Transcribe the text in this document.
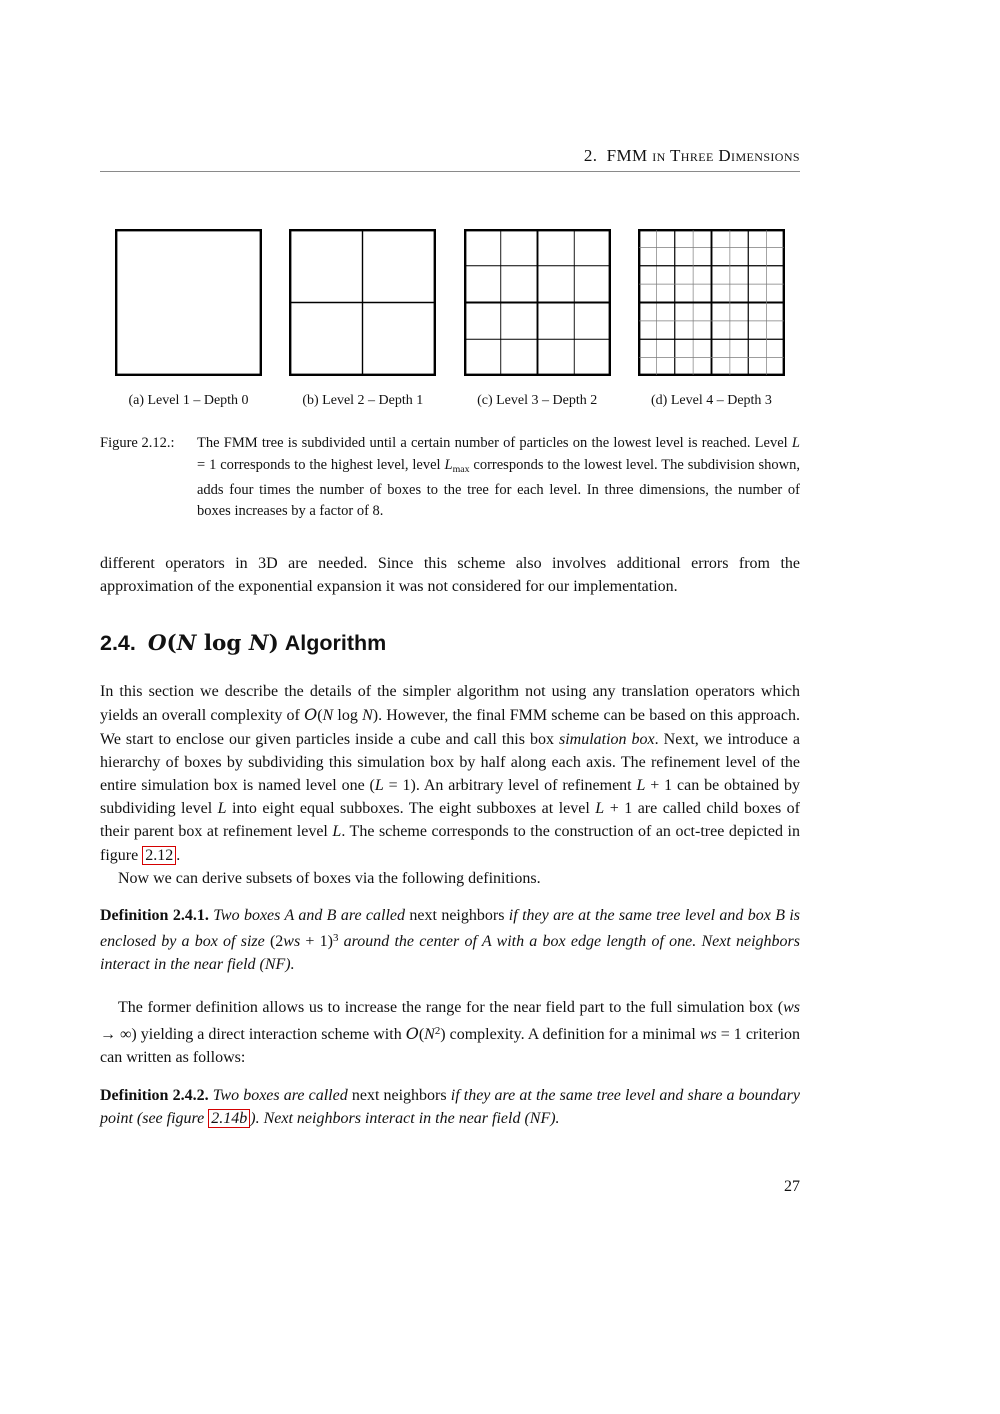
2.  FMM in Three Dimensions
(a) Level 1 – Depth 0	(b) Level 2 – Depth 1	(c) Level 3 – Depth 2	(d) Level 4 – Depth 3
Figure 2.12.: The FMM tree is subdivided until a certain number of particles on the lowest level is reached. Level L = 1 corresponds to the highest level, level Lmax corresponds to the lowest level. The subdivision shown, adds four times the number of boxes to the tree for each level. In three dimensions, the number of boxes increases by a factor of 8.

different operators in 3D are needed. Since this scheme also involves additional errors from the approximation of the exponential expansion it was not considered for our implementation.

2.4.  O(N log N) Algorithm

In this section we describe the details of the simpler algorithm not using any translation operators which yields an overall complexity of O(N log N). However, the final FMM scheme can be based on this approach. We start to enclose our given particles inside a cube and call this box simulation box. Next, we introduce a hierarchy of boxes by subdividing this simulation box by half along each axis. The refinement level of the entire simulation box is named level one (L = 1). An arbitrary level of refinement L + 1 can be obtained by subdividing level L into eight equal subboxes. The eight subboxes at level L + 1 are called child boxes of their parent box at refinement level L. The scheme corresponds to the construction of an oct-tree depicted in figure 2.12 .

Now we can derive subsets of boxes via the following definitions.

Definition 2.4.1. Two boxes A and B are called next neighbors if they are at the same tree level and box B is enclosed by a box of size $(2ws + 1)^3$ around the center of A with a box edge length of one. Next neighbors interact in the near field (NF).

The former definition allows us to increase the range for the near field part to the full simulation box (ws → ∞) yielding a direct interaction scheme with $O(N^2)$ complexity. A definition for a minimal ws = 1 criterion can written as follows:

Definition 2.4.2. Two boxes are called next neighbors if they are at the same tree level and share a boundary point (see figure 2.14b ). Next neighbors interact in the near field (NF).

27
